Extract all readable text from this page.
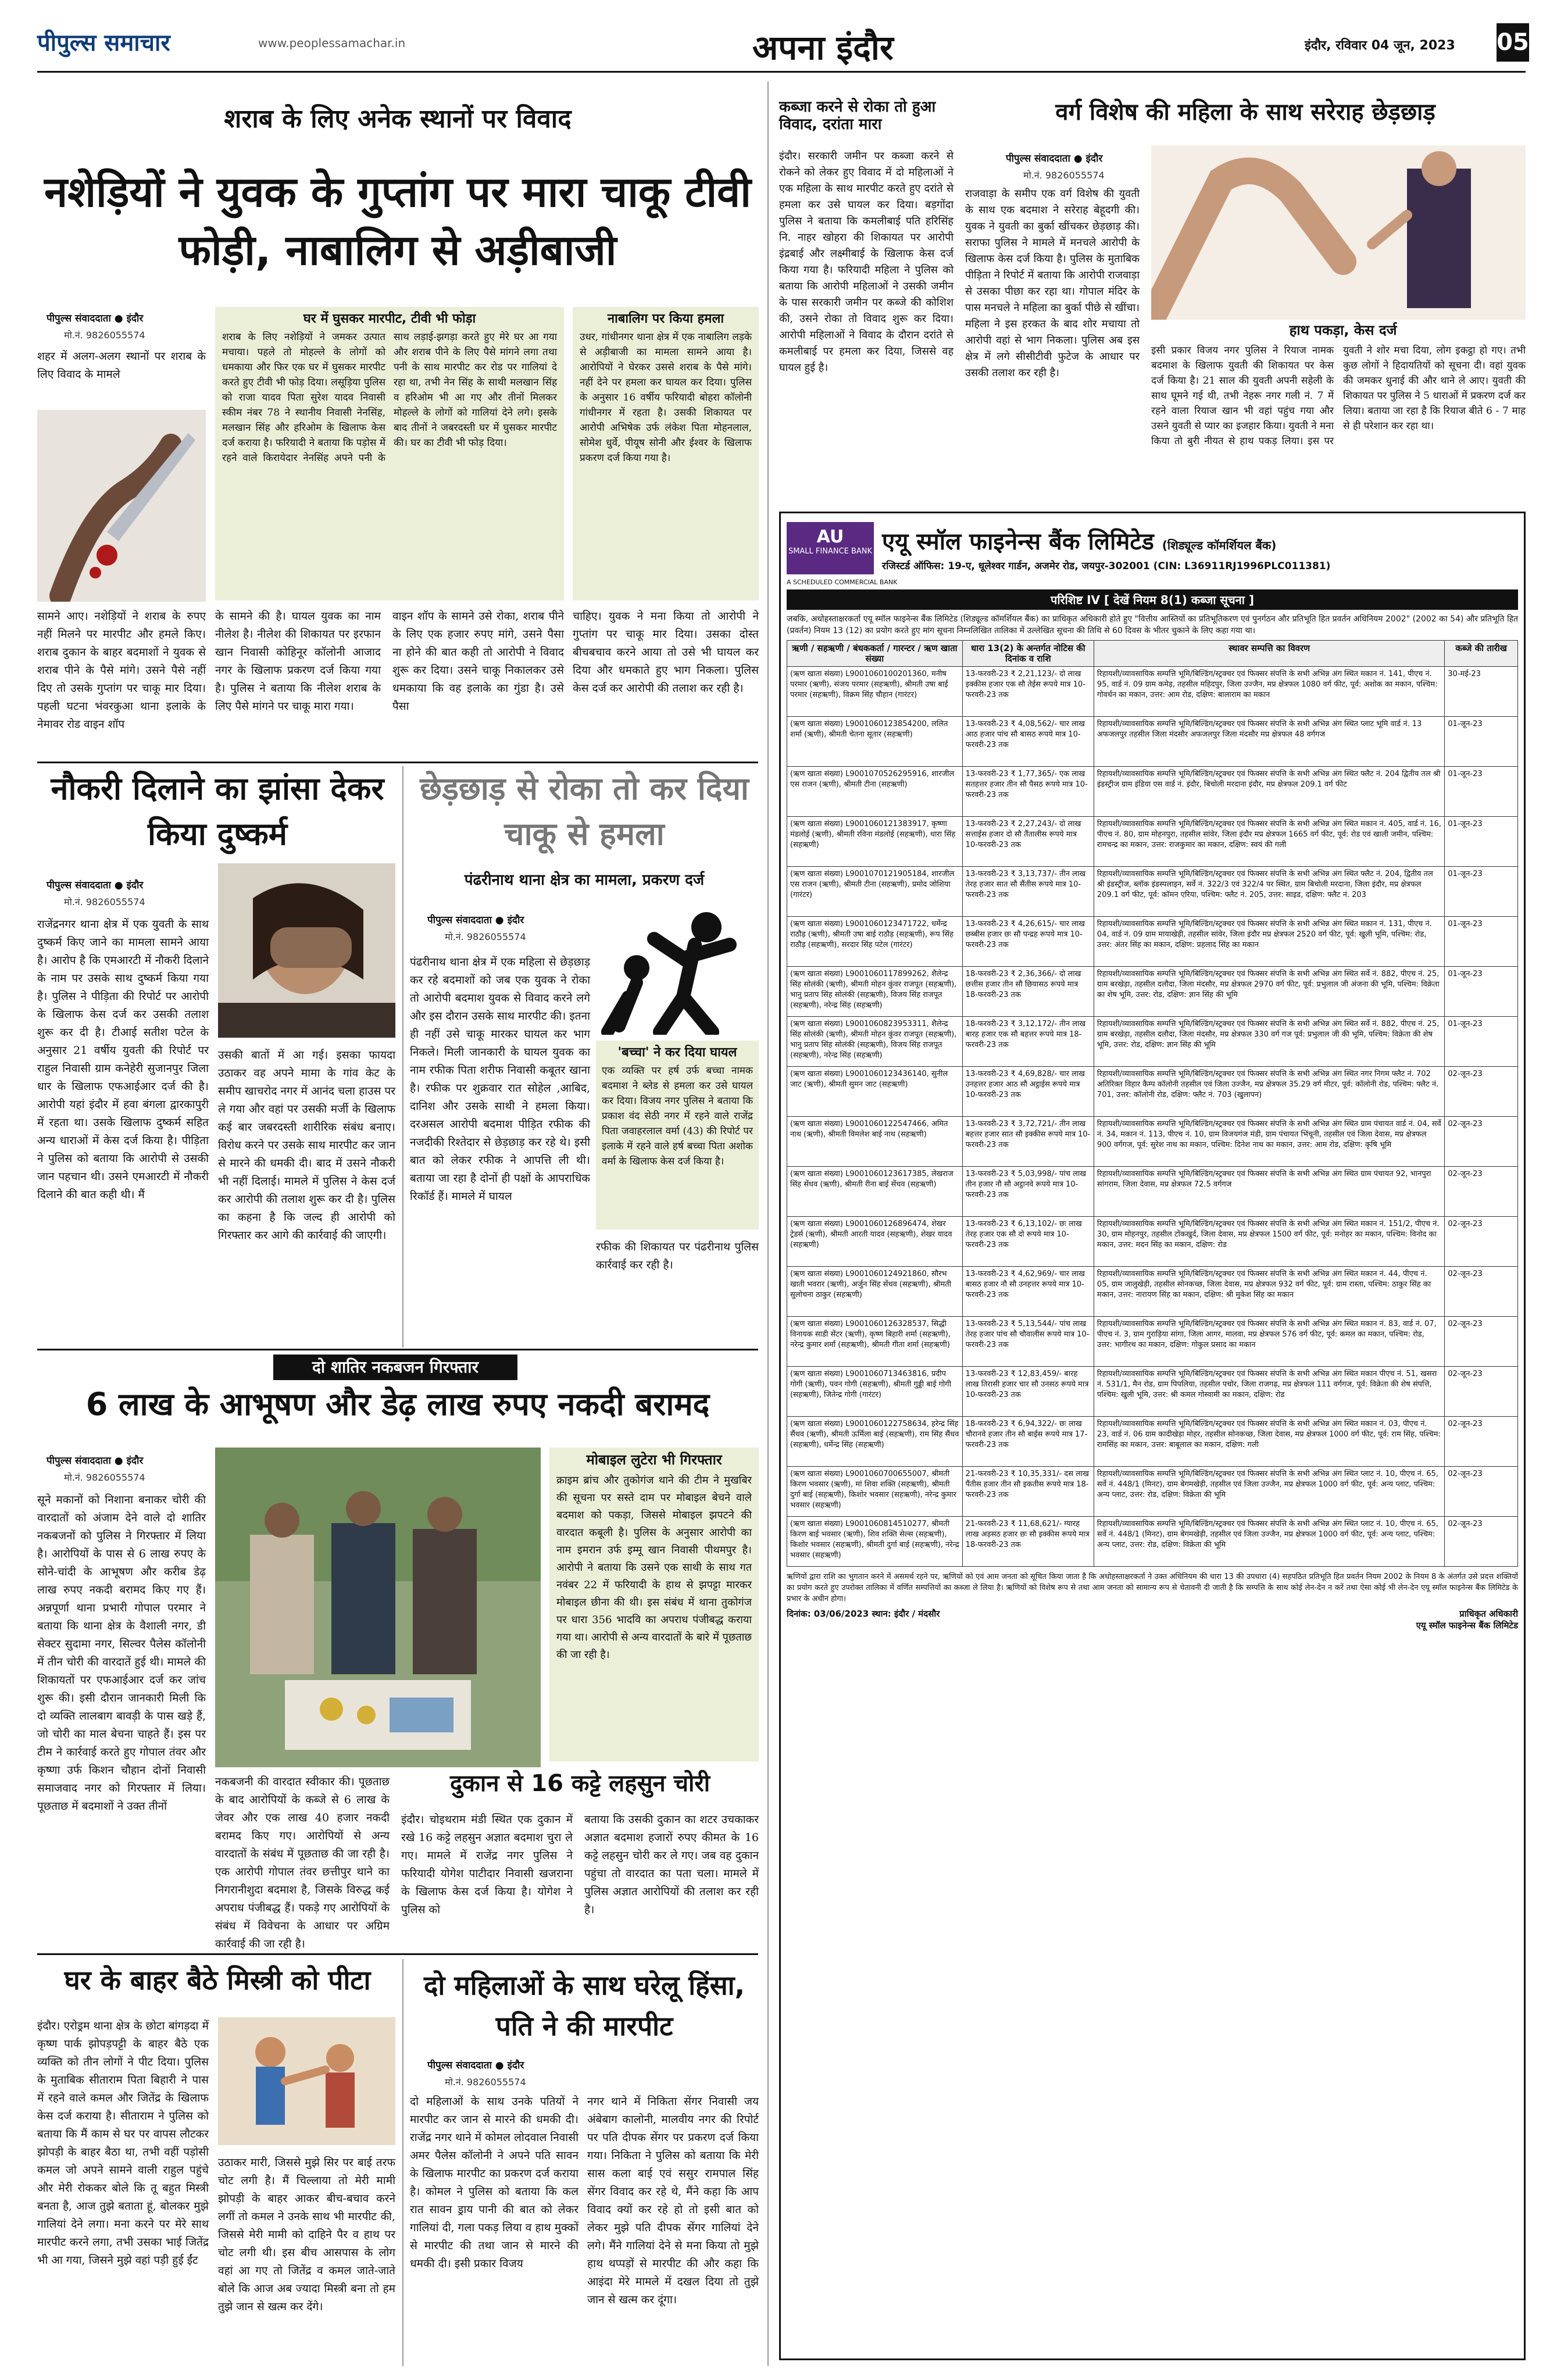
पीपुल्स समाचार	www.peoplessamachar.in	अपना इंदौर	इंदौर, रविवार 04 जून, 2023 05
शराब के लिए अनेक स्थानों पर विवाद
नशेड़ियों ने युवक के गुप्तांग पर मारा चाकू टीवी फोड़ी, नाबालिग से अड़ीबाजी
पीपुल्स संवाददाता ● इंदौर
मो.नं. 9826055574
शहर में अलग-अलग स्थानों पर शराब के लिए विवाद के मामले
सामने आए। नशेड़ियों ने शराब के रुपए नहीं मिलने पर मारपीट और हमले किए। शराब दुकान के बाहर बदमाशों ने युवक से शराब पीने के पैसे मांगे। उसने पैसे नहीं दिए तो उसके गुप्तांग पर चाकू मार दिया। पहली घटना भंवरकुआ थाना इलाके के नेमावर रोड वाइन शॉप
घर में घुसकर मारपीट, टीवी भी फोड़ा
शराब के लिए नशेड़ियों ने जमकर उत्पात मचाया। पहले तो मोहल्ले के लोगों को धमकाया और फिर एक घर में घुसकर मारपीट करते हुए टीवी भी फोड़ दिया। लसूड़िया पुलिस को राजा यादव पिता सुरेश यादव निवासी स्कीम नंबर 78 ने स्थानीय निवासी नेनसिंह, मलखान सिंह और हरिओम के खिलाफ केस दर्ज कराया है। फरियादी ने बताया कि पड़ोस में रहने वाले किरायेदार नेनसिंह अपने पनी के साथ लड़ाई-झगड़ा करते हुए मेरे घर आ गया और शराब पीने के लिए पैसे मांगने लगा तथा पनी के साथ मारपीट कर रोड पर गालियां दे रहा था, तभी नेन सिंह के साथी मलखान सिंह व हरिओम भी आ गए और तीनों मिलकर मोहल्ले के लोगों को गालियां देने लगे। इसके बाद तीनों ने जबरदस्ती घर में घुसकर मारपीट की। घर का टीवी भी फोड़ दिया।
के सामने की है। घायल युवक का नाम नीलेश है। नीलेश की शिकायत पर इरफान खान निवासी कोहिनूर कॉलोनी आजाद नगर के खिलाफ प्रकरण दर्ज किया गया है। पुलिस ने बताया कि नीलेश शराब के लिए पैसे मांगने पर चाकू मारा गया।
वाइन शॉप के सामने उसे रोका, शराब पीने के लिए एक हजार रुपए मांगे, उसने पैसा ना होने की बात कही तो आरोपी ने विवाद शुरू कर दिया। उसने चाकू निकालकर उसे धमकाया कि वह इलाके का गुंडा है। उसे पैसा
नाबालिग पर किया हमला
उधर, गांधीनगर थाना क्षेत्र में एक नाबालिग लड़के से अड़ीबाजी का मामला सामने आया है। आरोपियों ने घेरकर उससे शराब के पैसे मांगे। नहीं देने पर हमला कर घायल कर दिया। पुलिस के अनुसार 16 वर्षीय फरियादी बोहरा कॉलोनी गांधीनगर में रहता है। उसकी शिकायत पर आरोपी अभिषेक उर्फ लंकेश पिता मोहनलाल, सोमेश धुर्वे, पीयूष सोनी और ईश्वर के खिलाफ प्रकरण दर्ज किया गया है।
चाहिए। युवक ने मना किया तो आरोपी ने गुप्तांग पर चाकू मार दिया। उसका दोस्त बीचबचाव करने आया तो उसे भी घायल कर दिया और धमकाते हुए भाग निकला। पुलिस केस दर्ज कर आरोपी की तलाश कर रही है।
नौकरी दिलाने का झांसा देकर किया दुष्कर्म
पीपुल्स संवाददाता ● इंदौर
मो.नं. 9826055574
राजेंद्रनगर थाना क्षेत्र में एक युवती के साथ दुष्कर्म किए जाने का मामला सामने आया है। आरोप है कि एमआरटी में नौकरी दिलाने के नाम पर उसके साथ दुष्कर्म किया गया है। पुलिस ने पीड़िता की रिपोर्ट पर आरोपी के खिलाफ केस दर्ज कर उसकी तलाश शुरू कर दी है। टीआई सतीश पटेल के अनुसार 21 वर्षीय युवती की रिपोर्ट पर राहुल निवासी ग्राम कनेहेरी सुजानपुर जिला धार के खिलाफ एफआईआर दर्ज की है। आरोपी यहां इंदौर में हवा बंगला द्वारकापुरी में रहता था। उसके खिलाफ दुष्कर्म सहित अन्य धाराओं में केस दर्ज किया है। पीड़िता ने पुलिस को बताया कि आरोपी से उसकी जान पहचान थी। उसने एमआरटी में नौकरी दिलाने की बात कही थी। मैं
उसकी बातों में आ गई। इसका फायदा उठाकर वह अपने मामा के गांव केट के समीप खाचरोद नगर में आनंद चला हाउस पर ले गया और वहां पर उसकी मर्जी के खिलाफ कई बार जबरदस्ती शारीरिक संबंध बनाए। विरोध करने पर उसके साथ मारपीट कर जान से मारने की धमकी दी। बाद में उसने नौकरी भी नहीं दिलाई। मामले में पुलिस ने केस दर्ज कर आरोपी की तलाश शुरू कर दी है। पुलिस का कहना है कि जल्द ही आरोपी को गिरफ्तार कर आगे की कार्रवाई की जाएगी।
छेड़छाड़ से रोका तो कर दिया चाकू से हमला
पंढरीनाथ थाना क्षेत्र का मामला, प्रकरण दर्ज
पीपुल्स संवाददाता ● इंदौर
मो.नं. 9826055574
पंढरीनाथ थाना क्षेत्र में एक महिला से छेड़छाड़ कर रहे बदमाशों को जब एक युवक ने रोका तो आरोपी बदमाश युवक से विवाद करने लगे और इस दौरान उसके साथ मारपीट की। इतना ही नहीं उसे चाकू मारकर घायल कर भाग निकले। मिली जानकारी के घायल युवक का नाम रफीक पिता शरीफ निवासी कबूतर खाना है। रफीक पर शुक्रवार रात सोहेल ,आबिद, दानिश और उसके साथी ने हमला किया। दरअसल आरोपी बदमाश पीड़ित रफीक की नजदीकी रिश्तेदार से छेड़छाड़ कर रहे थे। इसी बात को लेकर रफीक ने आपत्ति ली थी। बताया जा रहा है दोनों ही पक्षों के आपराधिक रिकॉर्ड हैं। मामले में घायल
'बच्चा' ने कर दिया घायल
एक व्यक्ति पर हर्ष उर्फ बच्चा नामक बदमाश ने ब्लेड से हमला कर उसे घायल कर दिया। विजय नगर पुलिस ने बताया कि प्रकाश वंद सेठी नगर में रहने वाले राजेंद्र पिता जवाहरलाल वर्मा (43) की रिपोर्ट पर इलाके में रहने वाले हर्ष बच्चा पिता अशोक वर्मा के खिलाफ केस दर्ज किया है।
रफीक की शिकायत पर पंढरीनाथ पुलिस कार्रवाई कर रही है।
दो शातिर नकबजन गिरफ्तार
6 लाख के आभूषण और डेढ़ लाख रुपए नकदी बरामद
पीपुल्स संवाददाता ● इंदौर
मो.नं. 9826055574
सूने मकानों को निशाना बनाकर चोरी की वारदातों को अंजाम देने वाले दो शातिर नकबजनों को पुलिस ने गिरफ्तार में लिया है। आरोपियों के पास से 6 लाख रुपए के सोने-चांदी के आभूषण और करीब डेढ़ लाख रुपए नकदी बरामद किए गए हैं। अन्नपूर्णा थाना प्रभारी गोपाल परमार ने बताया कि थाना क्षेत्र के वैशाली नगर, डी सेक्टर सुदामा नगर, सिल्वर पैलेस कॉलोनी में तीन चोरी की वारदातें हुई थी। मामले की शिकायतों पर एफआईआर दर्ज कर जांच शुरू की। इसी दौरान जानकारी मिली कि दो व्यक्ति लालबाग बावड़ी के पास खड़े हैं, जो चोरी का माल बेचना चाहते हैं। इस पर टीम ने कार्रवाई करते हुए गोपाल तंवर और कृष्णा उर्फ किशन चौहान दोनों निवासी समाजवाद नगर को गिरफ्तार में लिया। पूछताछ में बदमाशों ने उक्त तीनों
मोबाइल लुटेरा भी गिरफ्तार
क्राइम ब्रांच और तुकोगंज थाने की टीम ने मुखबिर की सूचना पर सस्ते दाम पर मोबाइल बेचने वाले बदमाश को पकड़ा, जिससे मोबाइल झपटने की वारदात कबूली है। पुलिस के अनुसार आरोपी का नाम इमरान उर्फ इम्मू खान निवासी पीथमपुर है। आरोपी ने बताया कि उसने एक साथी के साथ गत नवंबर 22 में फरियादी के हाथ से झपट्टा मारकर मोबाइल छीना की थी। इस संबंध में थाना तुकोगंज पर धारा 356 भादवि का अपराध पंजीबद्ध कराया गया था। आरोपी से अन्य वारदातों के बारे में पूछताछ की जा रही है।
नकबजनी की वारदात स्वीकार की। पूछताछ के बाद आरोपियों के कब्जे से 6 लाख के जेवर और एक लाख 40 हजार नकदी बरामद किए गए। आरोपियों से अन्य वारदातों के संबंध में पूछताछ की जा रही है। एक आरोपी गोपाल तंवर छत्तीपुर थाने का निगरानीशुदा बदमाश है, जिसके विरुद्ध कई अपराध पंजीबद्ध हैं। पकड़े गए आरोपियों के संबंध में विवेचना के आधार पर अग्रिम कार्रवाई की जा रही है।
दुकान से 16 कट्टे लहसुन चोरी
इंदौर। चोइथराम मंडी स्थित एक दुकान में रखे 16 कट्टे लहसुन अज्ञात बदमाश चुरा ले गए। मामले में राजेंद्र नगर पुलिस ने फरियादी योगेश पाटीदार निवासी खजराना के खिलाफ केस दर्ज किया है। योगेश ने पुलिस को
बताया कि उसकी दुकान का शटर उचकाकर अज्ञात बदमाश हजारों रुपए कीमत के 16 कट्टे लहसुन चोरी कर ले गए। जब वह दुकान पहुंचा तो वारदात का पता चला। मामले में पुलिस अज्ञात आरोपियों की तलाश कर रही है।
घर के बाहर बैठे मिस्त्री को पीटा
इंदौर। एरोड्रम थाना क्षेत्र के छोटा बांगड़दा में कृष्ण पार्क झोपड़पट्टी के बाहर बैठे एक व्यक्ति को तीन लोगों ने पीट दिया। पुलिस के मुताबिक सीताराम पिता बिहारी ने पास में रहने वाले कमल और जितेंद्र के खिलाफ केस दर्ज कराया है। सीताराम ने पुलिस को बताया कि मैं काम से घर पर वापस लौटकर झोपड़ी के बाहर बैठा था, तभी वहीं पड़ोसी कमल जो अपने सामने वाली राहुल पहुंचे और मेरी रोककर बोले कि तू बहुत मिस्त्री बनता है, आज तुझे बताता हूं, बोलकर मुझे गालियां देने लगा। मना करने पर मेरे साथ मारपीट करने लगा, तभी उसका भाई जितेंद्र भी आ गया, जिसने मुझे वहां पड़ी हुई ईंट
उठाकर मारी, जिससे मुझे सिर पर बाई तरफ चोट लगी है। मैं चिल्लाया तो मेरी मामी झोपड़ी के बाहर आकर बीच-बचाव करने लगीं तो कमल ने उनके साथ भी मारपीट की, जिससे मेरी मामी को दाहिने पैर व हाथ पर चोट लगी थी। इस बीच आसपास के लोग वहां आ गए तो जितेंद्र व कमल जाते-जाते बोले कि आज अब ज्यादा मिस्त्री बना तो हम तुझे जान से खत्म कर देंगे।
दो महिलाओं के साथ घरेलू हिंसा, पति ने की मारपीट
पीपुल्स संवाददाता ● इंदौर
मो.नं. 9826055574
दो महिलाओं के साथ उनके पतियों ने मारपीट कर जान से मारने की धमकी दी। राजेंद्र नगर थाने में कोमल लोदवाल निवासी अमर पैलेस कॉलोनी ने अपने पति सावन के खिलाफ मारपीट का प्रकरण दर्ज कराया है। कोमल ने पुलिस को बताया कि कल रात सावन ड्राय पानी की बात को लेकर गालियां दी, गला पकड़ लिया व हाथ मुक्कों से मारपीट की तथा जान से मारने की धमकी दी। इसी प्रकार विजय
नगर थाने में निकिता सेंगर निवासी जय अंबेबाग कालोनी, मालवीय नगर की रिपोर्ट पर पति दीपक सेंगर पर प्रकरण दर्ज किया गया। निकिता ने पुलिस को बताया कि मेरी सास कला बाई एवं ससुर रामपाल सिंह सेंगर विवाद कर रहे थे, मैंने कहा कि आप विवाद क्यों कर रहे हो तो इसी बात को लेकर मुझे पति दीपक सेंगर गालियां देने लगे। मैंने गालियां देने से मना किया तो मुझे हाथ थप्पड़ों से मारपीट की और कहा कि आइंदा मेरे मामले में दखल दिया तो तुझे जान से खत्म कर दूंगा।
कब्जा करने से रोका तो हुआ विवाद, दरांता मारा
इंदौर। सरकारी जमीन पर कब्जा करने से रोकने को लेकर हुए विवाद में दो महिलाओं ने एक महिला के साथ मारपीट करते हुए दरांते से हमला कर उसे घायल कर दिया। बड़गोंदा पुलिस ने बताया कि कमलीबाई पति हरिसिंह नि. नाहर खोहरा की शिकायत पर आरोपी इंद्रबाई और लक्ष्मीबाई के खिलाफ केस दर्ज किया गया है। फरियादी महिला ने पुलिस को बताया कि आरोपी महिलाओं ने उसकी जमीन के पास सरकारी जमीन पर कब्जे की कोशिश की, उसने रोका तो विवाद शुरू कर दिया। आरोपी महिलाओं ने विवाद के दौरान दरांते से कमलीबाई पर हमला कर दिया, जिससे वह घायल हुई है।
वर्ग विशेष की महिला के साथ सरेराह छेड़छाड़
पीपुल्स संवाददाता ● इंदौर
मो.नं. 9826055574
राजवाड़ा के समीप एक वर्ग विशेष की युवती के साथ एक बदमाश ने सरेराह बेहूदगी की। युवक ने युवती का बुर्का खींचकर छेड़छाड़ की। सराफा पुलिस ने मामले में मनचले आरोपी के खिलाफ केस दर्ज किया है। पुलिस के मुताबिक पीड़िता ने रिपोर्ट में बताया कि आरोपी राजवाड़ा से उसका पीछा कर रहा था। गोपाल मंदिर के पास मनचले ने महिला का बुर्का पीछे से खींचा। महिला ने इस हरकत के बाद शोर मचाया तो आरोपी वहां से भाग निकला। पुलिस अब इस क्षेत्र में लगे सीसीटीवी फुटेज के आधार पर उसकी तलाश कर रही है।
हाथ पकड़ा, केस दर्ज
इसी प्रकार विजय नगर पुलिस ने रियाज नामक बदमाश के खिलाफ युवती की शिकायत पर केस दर्ज किया है। 21 साल की युवती अपनी सहेली के साथ घूमने गई थी, तभी नेहरू नगर गली नं. 7 में रहने वाला रियाज खान भी वहां पहुंच गया और उसने युवती से प्यार का इजहार किया। युवती ने मना किया तो बुरी नीयत से हाथ पकड़ लिया। इस पर युवती ने शोर मचा दिया, लोग इकट्ठा हो गए। तभी कुछ लोगों ने हिदायतियों को सूचना दी। वहां युवक की जमकर धुनाई की और थाने ले आए। युवती की शिकायत पर पुलिस ने 5 धाराओं में प्रकरण दर्ज कर लिया। बताया जा रहा है कि रियाज बीते 6 - 7 माह से ही परेशान कर रहा था।
AU
SMALL FINANCE BANK एयू स्मॉल फाइनेन्स बैंक लिमिटेड (शिड्यूल्ड कॉमर्शियल बैंक)
रजिस्टर्ड ऑफिस: 19-ए, धूलेश्वर गार्डन, अजमेर रोड, जयपुर-302001 (CIN: L36911RJ1996PLC011381)
A SCHEDULED COMMERCIAL BANK
परिशिष्ट IV [ देखें नियम 8(1) कब्जा सूचना ]
जबकि, अधोहस्ताक्षरकर्ता एयू स्मॉल फाइनेन्स बैंक लिमिटेड (शिड्यूल्ड कॉमर्शियल बैंक) का प्राधिकृत अधिकारी होते हुए "वित्तीय आस्तियों का प्रतिभूतिकरण एवं पुनर्गठन और प्रतिभूति हित प्रवर्तन अधिनियम 2002" (2002 का 54) और प्रतिभूति हित (प्रवर्तन) नियम 13 (12) का प्रयोग करते हुए मांग सूचना निम्नलिखित तालिका में उल्लेखित सूचना की तिथि से 60 दिवस के भीतर चुकाने के लिए कहा गया था।
ऋणी / सहऋणी / बंधककर्ता / गारन्टर / ऋण खाता संख्या	धारा 13(2) के अन्तर्गत नोटिस की दिनांक व राशि	स्थावर सम्पत्ति का विवरण	कब्जे की तारीख
(ऋण खाता संख्या) L9001060100201360, मनीष परमार (ऋणी), संजय परमार (सहऋणी), श्रीमती उषा बाई परमार (सहऋणी), विक्रम सिंह चौहान (गारंटर)	13-फरवरी-23 ₹ 2,21,123/- दो लाख इक्कीस हजार एक सौ तेईस रूपये मात्र 10-फरवरी-23 तक	रिहायशी/व्यावसायिक सम्पत्ति भूमि/बिल्डिंग/स्ट्रक्चर एवं फिक्सर संपत्ति के सभी अभिन्न अंग स्थित मकान नं. 141, पीएच नं. 95, वार्ड नं. 09 ग्राम कमेड़, तहसील महिदपुर, जिला उज्जैन, मप्र क्षेत्रफल 1080 वर्ग फीट, पूर्व: अशोक का मकान, पश्चिम: गोवर्धन का मकान, उत्तर: आम रोड, दक्षिण: बालाराम का मकान	30-मई-23
(ऋण खाता संख्या) L9001060123854200, ललित शर्मा (ऋणी), श्रीमती चेतना सूतार (सहऋणी)	13-फरवरी-23 ₹ 4,08,562/- चार लाख आठ हजार पांच सौ बासठ रूपये मात्र 10-फरवरी-23 तक	रिहायशी/व्यावसायिक सम्पत्ति भूमि/बिल्डिंग/स्ट्रक्चर एवं फिक्सर संपत्ति के सभी अभिन्न अंग स्थित प्लाट भूमि वार्ड नं. 13 अफजलपुर तहसील जिला मंदसौर अफजलपुर जिला मंदसौर मप्र क्षेत्रफल 48 वर्गगज	01-जून-23
(ऋण खाता संख्या) L9001070526295916, शारजील एस राजन (ऋणी), श्रीमती टीना (सहऋणी)	13-फरवरी-23 ₹ 1,77,365/- एक लाख सतहत्तर हजार तीन सौ पैसठ रूपये मात्र 10-फरवरी-23 तक	रिहायशी/व्यावसायिक सम्पत्ति भूमि/बिल्डिंग/स्ट्रक्चर एवं फिक्सर संपत्ति के सभी अभिन्न अंग स्थित फ्लैट नं. 204 द्वितीय तल श्री इंडस्ट्रीज ग्राम इंडिया एस वार्ड नं. इंदौर, बिचोली मरदाना इंदौर, मप्र क्षेत्रफल 209.1 वर्ग फीट	01-जून-23
(ऋण खाता संख्या) L9001060121383917, कृष्णा मंडलोई (ऋणी), श्रीमती रविना मंडलोई (सहऋणी), धारा सिंह (सहऋणी)	13-फरवरी-23 ₹ 2,27,243/- दो लाख सत्ताईस हजार दो सौ तैंतालीस रूपये मात्र 10-फरवरी-23 तक	रिहायशी/व्यावसायिक सम्पत्ति भूमि/बिल्डिंग/स्ट्रक्चर एवं फिक्सर संपत्ति के सभी अभिन्न अंग स्थित मकान नं. 405, वार्ड नं. 16, पीएच नं. 80, ग्राम मोहनपुरा, तहसील सांवेर, जिला इंदौर मप्र क्षेत्रफल 1665 वर्ग फीट, पूर्व: रोड एवं खाली जमीन, पश्चिम: रामचन्द्र का मकान, उत्तर: राजकुमार का मकान, दक्षिण: स्वयं की गली	01-जून-23
(ऋण खाता संख्या) L9001070121905184, शारजील एस राजन (ऋणी), श्रीमती टीना (सहऋणी), प्रमोद जोशिया (गारंटर)	13-फरवरी-23 ₹ 3,13,737/- तीन लाख तेरह हजार सात सौ सैंतीस रूपये मात्र 10-फरवरी-23 तक	रिहायशी/व्यावसायिक सम्पत्ति भूमि/बिल्डिंग/स्ट्रक्चर एवं फिक्सर संपत्ति के सभी अभिन्न अंग स्थित फ्लैट नं. 204, द्वितीय तल श्री इंडस्ट्रीज, ब्लॉक इंडस्पलाइन, सर्वे नं. 322/3 एवं 322/4 पर स्थित, ग्राम बिचोली मरदाना, जिला इंदौर, मप्र क्षेत्रफल 209.1 वर्ग फीट, पूर्व: कॉमन एरिया, पश्चिम: फ्लैट नं. 205, उत्तर: साइड, दक्षिण: फ्लैट नं. 203	01-जून-23
(ऋण खाता संख्या) L9001060123471722, धर्मेन्द्र राठौड़ (ऋणी), श्रीमती उषा बाई राठौड़ (सहऋणी), रूप सिंह राठौड़ (सहऋणी), सरदार सिंह पटेल (गारंटर)	13-फरवरी-23 ₹ 4,26,615/- चार लाख छब्बीस हजार छः सौ पन्द्रह रूपये मात्र 10-फरवरी-23 तक	रिहायशी/व्यावसायिक सम्पत्ति भूमि/बिल्डिंग/स्ट्रक्चर एवं फिक्सर संपत्ति के सभी अभिन्न अंग स्थित मकान नं. 131, पीएच नं. 04, वार्ड नं. 09 ग्राम मायाखेड़ी, तहसील सांवेर, जिला इंदौर मप्र क्षेत्रफल 2520 वर्ग फीट, पूर्व: खुली भूमि, पश्चिम: रोड, उत्तर: अंतर सिंह का मकान, दक्षिण: प्रहलाद सिंह का मकान	01-जून-23
(ऋण खाता संख्या) L9001060117899262, शैलेन्द्र सिंह सोलंकी (ऋणी), श्रीमती मोहन कुंवर राजपूत (सहऋणी), भानु प्रताप सिंह सोलंकी (सहऋणी), विजय सिंह राजपूत (सहऋणी), नरेन्द्र सिंह (सहऋणी)	18-फरवरी-23 ₹ 2,36,366/- दो लाख छत्तीस हजार तीन सौ छियासठ रूपये मात्र 18-फरवरी-23 तक	रिहायशी/व्यावसायिक सम्पत्ति भूमि/बिल्डिंग/स्ट्रक्चर एवं फिक्सर संपत्ति के सभी अभिन्न अंग स्थित सर्वे नं. 882, पीएच नं. 25, ग्राम बरखेड़ा, तहसील दलौदा, जिला मंदसौर, मप्र क्षेत्रफल 2970 वर्ग फीट, पूर्व: प्रभुलाल जी अंजना की भूमि, पश्चिम: विक्रेता का शेष भूमि, उत्तर: रोड, दक्षिण: ज्ञान सिंह की भूमि	01-जून-23
(ऋण खाता संख्या) L9001060823953311, शैलेन्द्र सिंह सोलंकी (ऋणी), श्रीमती मोहन कुंवर राजपूत (सहऋणी), भानु प्रताप सिंह सोलंकी (सहऋणी), विजय सिंह राजपूत (सहऋणी), नरेन्द्र सिंह (सहऋणी)	18-फरवरी-23 ₹ 3,12,172/- तीन लाख बारह हजार एक सौ बहत्तर रूपये मात्र 18-फरवरी-23 तक	रिहायशी/व्यावसायिक सम्पत्ति भूमि/बिल्डिंग/स्ट्रक्चर एवं फिक्सर संपत्ति के सभी अभिन्न अंग स्थित सर्वे नं. 882, पीएच नं. 25, ग्राम बरखेड़ा, तहसील दलौदा, जिला मंदसौर, मप्र क्षेत्रफल 330 वर्ग गज पूर्व: प्रभुलाल जी की भूमि, पश्चिम: विक्रेता की शेष भूमि, उत्तर: रोड, दक्षिण: ज्ञान सिंह की भूमि	01-जून-23
(ऋण खाता संख्या) L9001060123436140, सुनील जाट (ऋणी), श्रीमती सुमन जाट (सहऋणी)	13-फरवरी-23 ₹ 4,69,828/- चार लाख उनहत्तर हजार आठ सौ अट्ठाईस रूपये मात्र 10-फरवरी-23 तक	रिहायशी/व्यावसायिक सम्पत्ति भूमि/बिल्डिंग/स्ट्रक्चर एवं फिक्सर संपत्ति के सभी अभिन्न अंग स्थित नगर निगम फ्लैट नं. 702 अतिरिक्त विहार कैम्प कॉलोनी तहसील एवं जिला उज्जैन, मप्र क्षेत्रफल 35.29 वर्ग मीटर, पूर्व: कॉलोनी रोड, पश्चिम: फ्लैट नं. 701, उत्तर: कॉलोनी रोड, दक्षिण: फ्लैट नं. 703 (खुलापन)	02-जून-23
(ऋण खाता संख्या) L9001060122547466, अमित नाथ (ऋणी), श्रीमती विमलेश बाई नाथ (सहऋणी)	13-फरवरी-23 ₹ 3,72,721/- तीन लाख बहत्तर हजार सात सौ इक्कीस रूपये मात्र 10-फरवरी-23 तक	रिहायशी/व्यावसायिक सम्पत्ति भूमि/बिल्डिंग/स्ट्रक्चर एवं फिक्सर संपत्ति के सभी अभिन्न अंग स्थित ग्राम पंचायत वार्ड नं. 04, सर्वे नं. 34, मकान नं. 113, पीएच नं. 10, ग्राम विजयगंज मंडी, ग्राम पंचायत भिंचूनी, तहसील एवं जिला देवास, मप्र क्षेत्रफल 900 वर्गगज, पूर्व: सुरेश नाथ का मकान, पश्चिम: दिनेश नाथ का मकान, उत्तर: आम रोड, दक्षिण: कृषि भूमि	02-जून-23
(ऋण खाता संख्या) L9001060123617385, लेखराज सिंह सेंधव (ऋणी), श्रीमती रीना बाई सेंधव (सहऋणी)	13-फरवरी-23 ₹ 5,03,998/- पांच लाख तीन हजार नौ सौ अट्ठानवे रूपये मात्र 10-फरवरी-23 तक	रिहायशी/व्यावसायिक सम्पत्ति भूमि/बिल्डिंग/स्ट्रक्चर एवं फिक्सर संपत्ति के सभी अभिन्न अंग स्थित ग्राम पंचायत 92, भानपुरा सांगराम, जिला देवास, मप्र क्षेत्रफल 72.5 वर्गगज	02-जून-23
(ऋण खाता संख्या) L9001060126896474, शेखर ट्रेडर्स (ऋणी), श्रीमती आरती यादव (सहऋणी), शेखर यादव (सहऋणी)	13-फरवरी-23 ₹ 6,13,102/- छः लाख तेरह हजार एक सौ दो रूपये मात्र 10-फरवरी-23 तक	रिहायशी/व्यावसायिक सम्पत्ति भूमि/बिल्डिंग/स्ट्रक्चर एवं फिक्सर संपत्ति के सभी अभिन्न अंग स्थित मकान नं. 151/2, पीएच नं. 30, ग्राम मोहनपुर, तहसील टोंकखुर्द, जिला देवास, मप्र क्षेत्रफल 1500 वर्ग फीट, पूर्व: मनोहर का मकान, पश्चिम: विनोद का मकान, उत्तर: मदन सिंह का मकान, दक्षिण: रोड	02-जून-23
(ऋण खाता संख्या) L9001060124921860, सौरभ खाती भवरार (ऋणी), अर्जुन सिंह सेंधव (सहऋणी), श्रीमती सुलोचना ठाकुर (सहऋणी)	13-फरवरी-23 ₹ 4,62,969/- चार लाख बासठ हजार नौ सौ उनहत्तर रूपये मात्र 10-फरवरी-23 तक	रिहायशी/व्यावसायिक सम्पत्ति भूमि/बिल्डिंग/स्ट्रक्चर एवं फिक्सर संपत्ति के सभी अभिन्न अंग स्थित मकान नं. 44, पीएच नं. 05, ग्राम जालुखेड़ी, तहसील सोनकच्छ, जिला देवास, मप्र क्षेत्रफल 932 वर्ग फीट, पूर्व: ग्राम रास्ता, पश्चिम: ठाकुर सिंह का मकान, उत्तर: नारायण सिंह का मकान, दक्षिण: श्री मुकेश सिंह का मकान	02-जून-23
(ऋण खाता संख्या) L9001060126328537, सिद्धी विनायक साडी सेंटर (ऋणी), कृष्ण बिहारी शर्मा (सहऋणी), नरेन्द्र कुमार शर्मा (सहऋणी), श्रीमती गीता शर्मा (सहऋणी)	13-फरवरी-23 ₹ 5,13,544/- पांच लाख तेरह हजार पांच सौ चौवालीस रूपये मात्र 10-फरवरी-23 तक	रिहायशी/व्यावसायिक सम्पत्ति भूमि/बिल्डिंग/स्ट्रक्चर एवं फिक्सर संपत्ति के सभी अभिन्न अंग स्थित मकान नं. 83, वार्ड नं. 07, पीएच नं. 3, ग्राम गुराड़िया सांगा, जिला आगर, मालवा, मप्र क्षेत्रफल 576 वर्ग फीट, पूर्व: कमल का मकान, पश्चिम: रोड, उत्तर: भागीरथ का मकान, दक्षिण: गोकुल प्रसाद का मकान	02-जून-23
(ऋण खाता संख्या) L9001060713463816, प्रदीप गोगी (ऋणी), पवन गोगी (सहऋणी), श्रीमती गुड्डी बाई गोगी (सहऋणी), जितेन्द्र गोगी (गारंटर)	13-फरवरी-23 ₹ 12,83,459/- बारह लाख तिरासी हजार चार सौ उनसठ रूपये मात्र 10-फरवरी-23 तक	रिहायशी/व्यावसायिक सम्पत्ति भूमि/बिल्डिंग/स्ट्रक्चर एवं फिक्सर संपत्ति के सभी अभिन्न अंग स्थित मकान पीएच नं. 51, खसरा नं. 531/1, मैन रोड, ग्राम पिपलिया, तहसील पचोर, जिला राजगढ़, मप्र क्षेत्रफल 111 वर्गगज, पूर्व: विक्रेता की शेष संपत्ति, पश्चिम: खुली भूमि, उत्तर: श्री कमल गोस्वामी का मकान, दक्षिण: रोड	02-जून-23
(ऋण खाता संख्या) L9001060122758634, हरेन्द्र सिंह सैंधव (ऋणी), श्रीमती ऊर्मिला बाई (सहऋणी), राम सिंह सैंधव (सहऋणी), धर्मेन्द्र सिंह (सहऋणी)	18-फरवरी-23 ₹ 6,94,322/- छः लाख चौरानवे हजार तीन सौ बाईस रूपये मात्र 17-फरवरी-23 तक	रिहायशी/व्यावसायिक सम्पत्ति भूमि/बिल्डिंग/स्ट्रक्चर एवं फिक्सर संपत्ति के सभी अभिन्न अंग स्थित मकान नं. 03, पीएच नं. 23, वार्ड नं. 06 ग्राम कादीखेड़ा मोहर, तहसील सोनकच्छ, जिला देवास, मप्र क्षेत्रफल 1000 वर्ग फीट, पूर्व: राम सिंह, पश्चिम: रामसिंह का मकान, उत्तर: बाबूलाल का मकान, दक्षिण: गली	02-जून-23
(ऋण खाता संख्या) L9001060700655007, श्रीमती किरण भवसार (ऋणी), मां शिवा शक्ति (सहऋणी), श्रीमती दुर्गा बाई (सहऋणी), किशोर भवसार (सहऋणी), नरेन्द्र कुमार भवसार (सहऋणी)	21-फरवरी-23 ₹ 10,35,331/- दस लाख पैंतीस हजार तीन सौ इकतीस रूपये मात्र 18-फरवरी-23 तक	रिहायशी/व्यावसायिक सम्पत्ति भूमि/बिल्डिंग/स्ट्रक्चर एवं फिक्सर संपत्ति के सभी अभिन्न अंग स्थित प्लाट नं. 10, पीएच नं. 65, सर्वे नं. 448/1 (मिनट), ग्राम बेगमखेड़ी, तहसील एवं जिला उज्जैन, मप्र क्षेत्रफल 1000 वर्ग फीट, पूर्व: अन्य प्लाट, पश्चिम: अन्य प्लाट, उत्तर: रोड, दक्षिण: विक्रेता की भूमि	02-जून-23
(ऋण खाता संख्या) L9001060814510277, श्रीमती किरण बाई भवसार (ऋणी), शिव शक्ति सेल्स (सहऋणी), किशोर भवसार (सहऋणी), श्रीमती दुर्गा बाई (सहऋणी), नरेन्द्र भवसार (सहऋणी)	21-फरवरी-23 ₹ 11,68,621/- ग्यारह लाख अड़सठ हजार छः सौ इक्कीस रूपये मात्र 18-फरवरी-23 तक	रिहायशी/व्यावसायिक सम्पत्ति भूमि/बिल्डिंग/स्ट्रक्चर एवं फिक्सर संपत्ति के सभी अभिन्न अंग स्थित प्लाट नं. 10, पीएच नं. 65, सर्वे नं. 448/1 (मिनट), ग्राम बेगमखेड़ी, तहसील एवं जिला उज्जैन, मप्र क्षेत्रफल 1000 वर्ग फीट, पूर्व: अन्य प्लाट, पश्चिम: अन्य प्लाट, उत्तर: रोड, दक्षिण: विक्रेता की भूमि	02-जून-23
ऋणियों द्वारा राशि का भुगतान करने में असमर्थ रहने पर, ऋणियों को एवं आम जनता को सूचित किया जाता है कि अधोहस्ताक्षरकर्ता ने उक्त अधिनियम की धारा 13 की उपधारा (4) सहपठित प्रतिभूति हित प्रवर्तन नियम 2002 के नियम 8 के अंतर्गत उसे प्रदत्त शक्तियों का प्रयोग करते हुए उपरोक्त तालिका में वर्णित सम्पत्तियों का कब्जा ले लिया है। ऋणियों को विशेष रूप से तथा आम जनता को सामान्य रूप से चेतावनी दी जाती है कि सम्पत्ति के साथ कोई लेन-देन न करें तथा ऐसा कोई भी लेन-देन एयू स्मॉल फाइनेन्स बैंक लिमिटेड के प्रभार के अधीन होगा।
दिनांक: 03/06/2023 स्थान: इंदौर / मंदसौर	प्राधिकृत अधिकारी
एयू स्मॉल फाइनेन्स बैंक लिमिटेड
